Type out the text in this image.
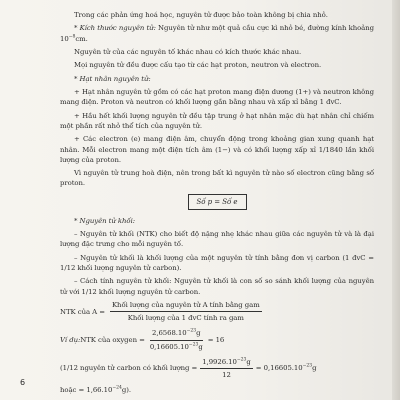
Trong các phản ứng hoá học, nguyên tử được bảo toàn không bị chia nhỏ.

* Kích thước nguyên tử: Nguyên tử như một quả cầu cực kì nhỏ bé, đường kính khoảng $10^{-8}cm$.

Nguyên tử của các nguyên tố khác nhau có kích thước khác nhau.

Mọi nguyên tử đều được cấu tạo từ các hạt proton, neutron và electron.

* Hạt nhân nguyên tử:

+ Hạt nhân nguyên tử gồm có các hạt proton mang điện dương (1+) và neutron không mang điện. Proton và neutron có khối lượng gần bằng nhau và xấp xỉ bằng 1 đvC.

+ Hầu hết khối lượng nguyên tử đều tập trung ở hạt nhân mặc dù hạt nhân chỉ chiếm một phần rất nhỏ thể tích của nguyên tử.

+ Các electron (e) mang điện âm, chuyển động trong khoảng gian xung quanh hạt nhân. Mỗi electron mang một điện tích âm (1−) và có khối lượng xấp xỉ 1/1840 lần khối lượng của proton.

Vì nguyên tử trung hoà điện, nên trong bất kì nguyên tử nào số electron cũng bằng số proton.

Số p = Số e

* Nguyên tử khối:

– Nguyên tử khối (NTK) cho biết độ nặng nhẹ khác nhau giữa các nguyên tử và là đại lượng đặc trưng cho mỗi nguyên tố.

– Nguyên tử khối là khối lượng của một nguyên tử tính bằng đơn vị carbon (1 đvC = 1/12 khối lượng nguyên tử carbon).

– Cách tính nguyên tử khối: Nguyên tử khối là con số so sánh khối lượng của nguyên tử với 1/12 khối lượng nguyên tử carbon.

NTK của $A = \frac{\text{Khối lượng của nguyên tử A tính bằng gam}}{\text{Khối lượng của 1 đvC tính ra gam}}$
Ví dụ: NTK của oxygen = $\frac{2,6568.10^{-23}g}{0,16605.10^{-23}g} = 16$
(1/12 nguyên tử carbon có khối lượng = $\frac{1,9926.10^{-23}g}{12} = 0,16605.10^{-23}g$

hoặc = $1,66.10^{-24}g$).

6
